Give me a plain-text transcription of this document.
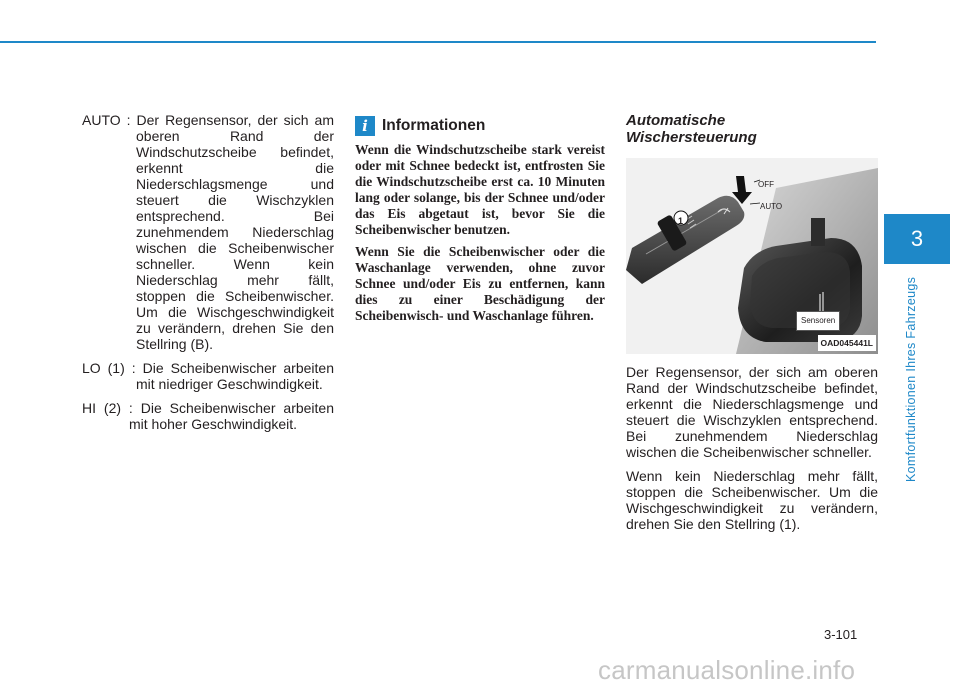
3
Komfortfunktionen Ihres Fahrzeugs

AUTO : Der Regensensor, der sich am oberen Rand der Windschutzscheibe befindet, erkennt die Niederschlagsmenge und steuert die Wischzyklen entsprechend. Bei zunehmendem Niederschlag wischen die Scheibenwischer schneller. Wenn kein Niederschlag mehr fällt, stoppen die Scheibenwischer. Um die Wischgeschwindigkeit zu verändern, drehen Sie den Stellring (B).

LO (1) : Die Scheibenwischer arbeiten mit niedriger Geschwindigkeit.

HI (2) : Die Scheibenwischer arbeiten mit hoher Geschwindigkeit.

i Informationen

Wenn die Windschutzscheibe stark vereist oder mit Schnee bedeckt ist, entfrosten Sie die Windschutzscheibe erst ca. 10 Minuten lang oder solange, bis der Schnee und/oder das Eis abgetaut ist, bevor Sie die Scheibenwischer benutzen.

Wenn Sie die Scheibenwischer oder die Waschanlage verwenden, ohne zuvor Schnee und/oder Eis zu entfernen, kann dies zu einer Beschädigung der Scheibenwisch- und Waschanlage führen.

Automatische
Wischersteuerung

1
OFF
AUTO
Sensoren
OAD045441L

Der Regensensor, der sich am oberen Rand der Windschutzscheibe befindet, erkennt die Niederschlagsmenge und steuert die Wischzyklen entsprechend. Bei zunehmendem Niederschlag wischen die Scheibenwischer schneller.

Wenn kein Niederschlag mehr fällt, stoppen die Scheibenwischer. Um die Wischgeschwindigkeit zu verändern, drehen Sie den Stellring (1).

3-101
carmanualsonline.info
